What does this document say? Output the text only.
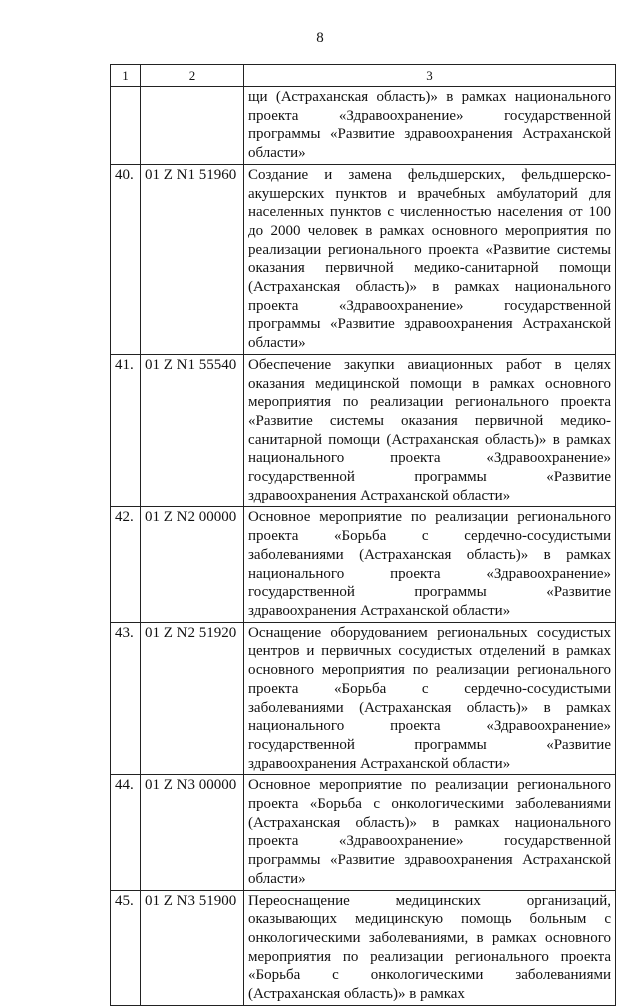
8
1	2	3
		щи (Астраханская область)» в рамках национального проекта «Здравоохранение» государственной программы «Развитие здравоохранения Астраханской области»
40.	01 Z N1 51960	Создание и замена фельдшерских, фельдшерско-акушерских пунктов и врачебных амбулаторий для населенных пунктов с численностью населения от 100 до 2000 человек в рамках основного мероприятия по реализации регионального проекта «Развитие системы оказания первичной медико-санитарной помощи (Астраханская область)» в рамках национального проекта «Здравоохранение» государственной программы «Развитие здравоохранения Астраханской области»
41.	01 Z N1 55540	Обеспечение закупки авиационных работ в целях оказания медицинской помощи в рамках основного мероприятия по реализации регионального проекта «Развитие системы оказания первичной медико-санитарной помощи (Астраханская область)» в рамках национального проекта «Здравоохранение» государственной программы «Развитие здравоохранения Астраханской области»
42.	01 Z N2 00000	Основное мероприятие по реализации регионального проекта «Борьба с сердечно-сосудистыми заболеваниями (Астраханская область)» в рамках национального проекта «Здравоохранение» государственной программы «Развитие здравоохранения Астраханской области»
43.	01 Z N2 51920	Оснащение оборудованием региональных сосудистых центров и первичных сосудистых отделений в рамках основного мероприятия по реализации регионального проекта «Борьба с сердечно-сосудистыми заболеваниями (Астраханская область)» в рамках национального проекта «Здравоохранение» государственной программы «Развитие здравоохранения Астраханской области»
44.	01 Z N3 00000	Основное мероприятие по реализации регионального проекта «Борьба с онкологическими заболеваниями (Астраханская область)» в рамках национального проекта «Здравоохранение» государственной программы «Развитие здравоохранения Астраханской области»
45.	01 Z N3 51900	Переоснащение медицинских организаций, оказывающих медицинскую помощь больным с онкологическими заболеваниями, в рамках основного мероприятия по реализации регионального проекта «Борьба с онкологическими заболеваниями (Астраханская область)» в рамках
